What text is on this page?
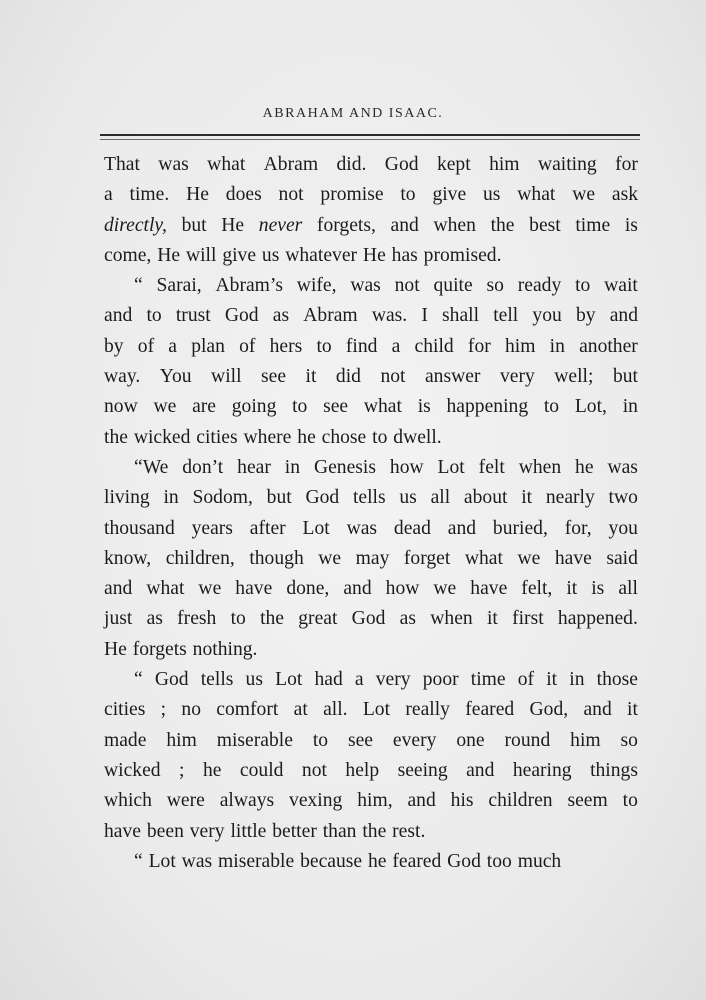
ABRAHAM AND ISAAC.
That was what Abram did. God kept him waiting for
a time. He does not promise to give us what we ask
directly, but He never forgets, and when the best time is
come, He will give us whatever He has promised.
“ Sarai, Abram’s wife, was not quite so ready to wait
and to trust God as Abram was. I shall tell you by and
by of a plan of hers to find a child for him in another
way. You will see it did not answer very well; but
now we are going to see what is happening to Lot, in
the wicked cities where he chose to dwell.
“We don’t hear in Genesis how Lot felt when he was
living in Sodom, but God tells us all about it nearly two
thousand years after Lot was dead and buried, for, you
know, children, though we may forget what we have said
and what we have done, and how we have felt, it is all
just as fresh to the great God as when it first happened.
He forgets nothing.
“ God tells us Lot had a very poor time of it in those
cities ; no comfort at all. Lot really feared God, and it
made him miserable to see every one round him so
wicked ; he could not help seeing and hearing things
which were always vexing him, and his children seem to
have been very little better than the rest.
“ Lot was miserable because he feared God too much
